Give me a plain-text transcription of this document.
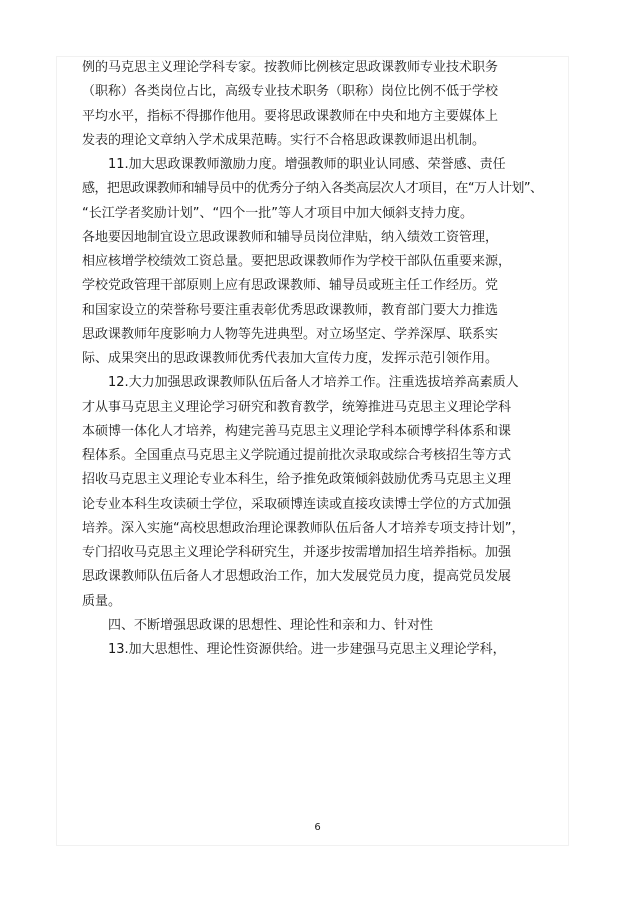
例的马克思主义理论学科专家。按教师比例核定思政课教师专业技术职务
（职称）各类岗位占比，高级专业技术职务（职称）岗位比例不低于学校
平均水平，指标不得挪作他用。要将思政课教师在中央和地方主要媒体上
发表的理论文章纳入学术成果范畴。实行不合格思政课教师退出机制。
11.加大思政课教师激励力度。增强教师的职业认同感、荣誉感、责任
感，把思政课教师和辅导员中的优秀分子纳入各类高层次人才项目，在“万人计划”、
“长江学者奖励计划”、“四个一批”等人才项目中加大倾斜支持力度。
各地要因地制宜设立思政课教师和辅导员岗位津贴，纳入绩效工资管理，
相应核增学校绩效工资总量。要把思政课教师作为学校干部队伍重要来源，
学校党政管理干部原则上应有思政课教师、辅导员或班主任工作经历。党
和国家设立的荣誉称号要注重表彰优秀思政课教师，教育部门要大力推选
思政课教师年度影响力人物等先进典型。对立场坚定、学养深厚、联系实
际、成果突出的思政课教师优秀代表加大宣传力度，发挥示范引领作用。
12.大力加强思政课教师队伍后备人才培养工作。注重选拔培养高素质人
才从事马克思主义理论学习研究和教育教学，统筹推进马克思主义理论学科
本硕博一体化人才培养，构建完善马克思主义理论学科本硕博学科体系和课
程体系。全国重点马克思主义学院通过提前批次录取或综合考核招生等方式
招收马克思主义理论专业本科生，给予推免政策倾斜鼓励优秀马克思主义理
论专业本科生攻读硕士学位，采取硕博连读或直接攻读博士学位的方式加强
培养。深入实施“高校思想政治理论课教师队伍后备人才培养专项支持计划”，
专门招收马克思主义理论学科研究生，并逐步按需增加招生培养指标。加强
思政课教师队伍后备人才思想政治工作，加大发展党员力度，提高党员发展
质量。
四、不断增强思政课的思想性、理论性和亲和力、针对性
13.加大思想性、理论性资源供给。进一步建强马克思主义理论学科，
6
